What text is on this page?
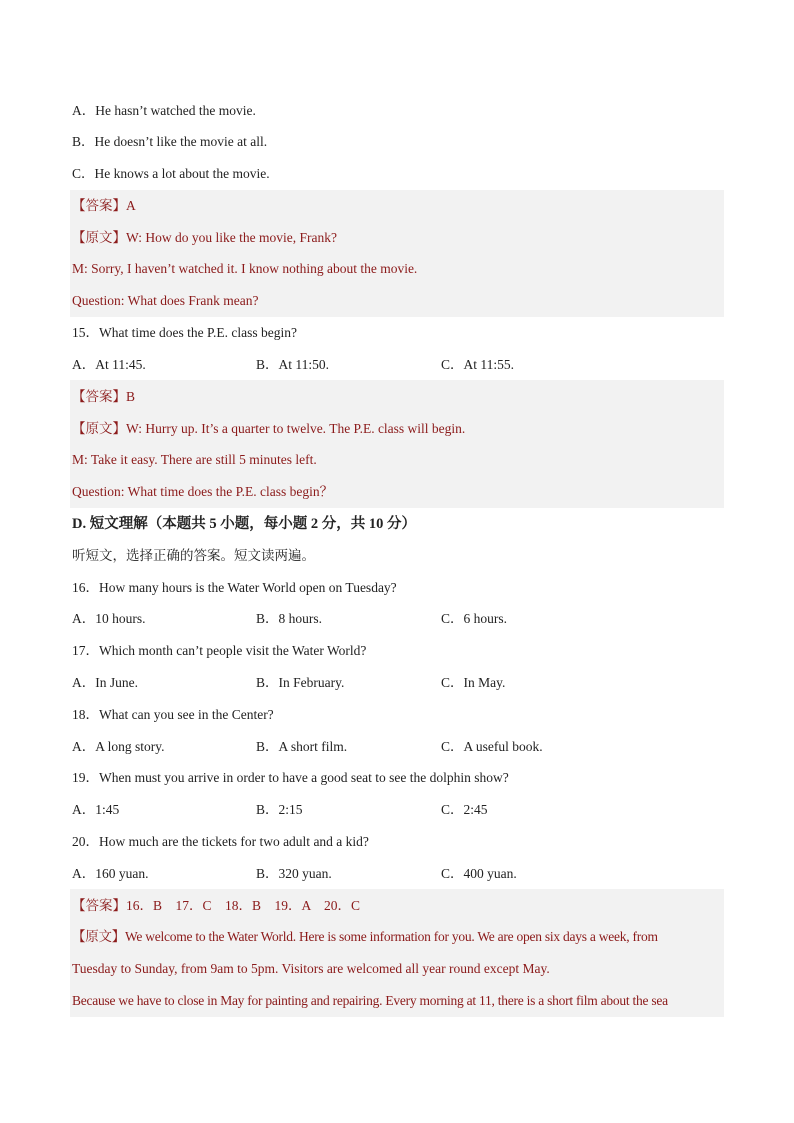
A．He hasn’t watched the movie.
B．He doesn’t like the movie at all.
C．He knows a lot about the movie.
【答案】A
【原文】W: How do you like the movie, Frank?
M: Sorry, I haven’t watched it. I know nothing about the movie.
Question: What does Frank mean?
15．What time does the P.E. class begin?
A．At 11:45.	B．At 11:50.	C．At 11:55.
【答案】B
【原文】W: Hurry up. It’s a quarter to twelve. The P.E. class will begin.
M: Take it easy. There are still 5 minutes left.
Question: What time does the P.E. class begin？
D. 短文理解（本题共 5 小题，每小题 2 分，共 10 分）
听短文，选择正确的答案。短文读两遍。
16．How many hours is the Water World open on Tuesday?
A．10 hours.	B．8 hours.	C．6 hours.
17．Which month can’t people visit the Water World?
A．In June.	B．In February.	C．In May.
18．What can you see in the Center?
A．A long story.	B．A short film.	C．A useful book.
19．When must you arrive in order to have a good seat to see the dolphin show?
A．1:45	B．2:15	C．2:45
20．How much are the tickets for two adult and a kid?
A．160 yuan.	B．320 yuan.	C．400 yuan.
【答案】16．B　17．C　18．B　19．A　20．C
【原文】We welcome to the Water World. Here is some information for you. We are open six days a week, from
Tuesday to Sunday, from 9am to 5pm. Visitors are welcomed all year round except May.
Because we have to close in May for painting and repairing. Every morning at 11, there is a short film about the sea
